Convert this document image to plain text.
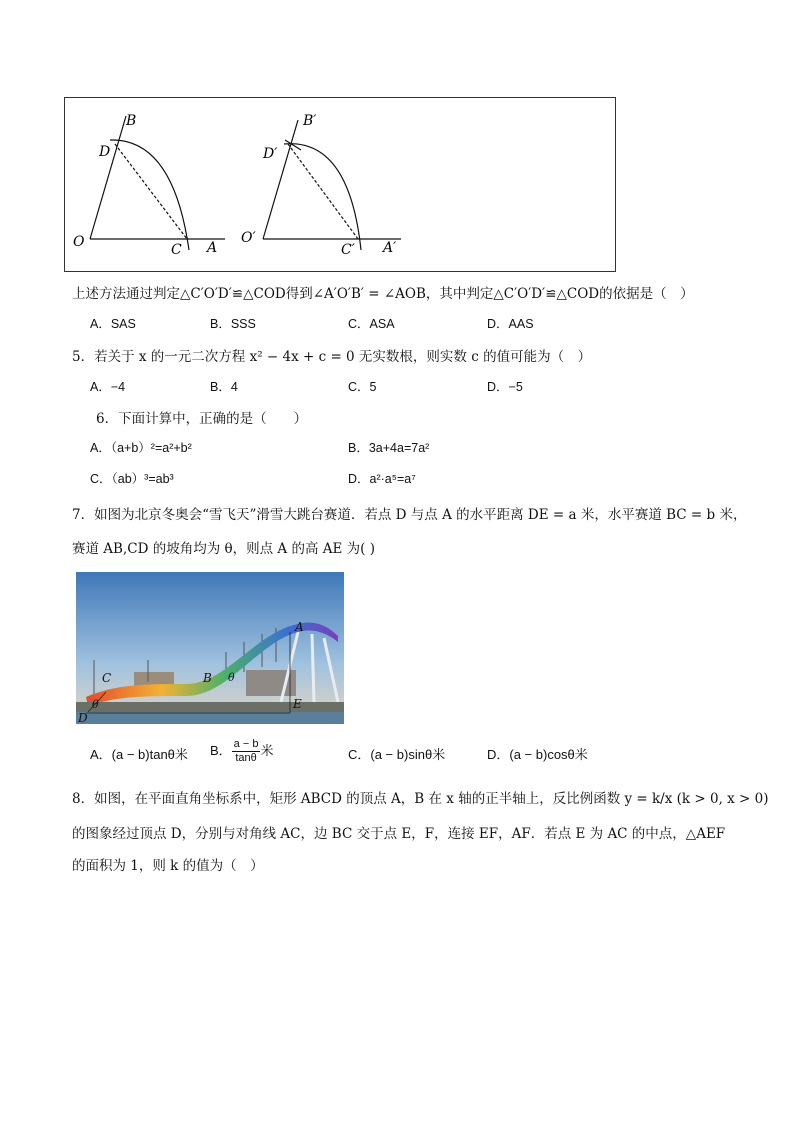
O
B
D
C A
O′
B′
D′
C′ A′
上述方法通过判定△C′O′D′≌△COD得到∠A′O′B′ = ∠AOB，其中判定△C′O′D′≌△COD的依据是（　）
A．SAS	B．SSS	C．ASA	D．AAS
5．若关于 x 的一元二次方程 x² − 4x + c = 0 无实数根，则实数 c 的值可能为（　）
A．−4	B．4	C．5	D．−5
6．下面计算中，正确的是（　　）
A．（a+b）²=a²+b²	B．3a+4a=7a²
C．（ab）³=ab³	D．a²·a⁵=a⁷
7．如图为北京冬奥会“雪飞天”滑雪大跳台赛道．若点 D 与点 A 的水平距离 DE = a 米，水平赛道 BC = b 米，
赛道 AB,CD 的坡角均为 θ，则点 A 的高 AE 为( )
A
B
C
D
E
θ
θ
A．(a − b)tanθ米 B． $\frac{a - b}{\tan\theta}$ 米	C．(a − b)sinθ米	D．(a − b)cosθ米
8．如图，在平面直角坐标系中，矩形 ABCD 的顶点 A，B 在 x 轴的正半轴上，反比例函数 y = k/x (k > 0, x > 0)
的图象经过顶点 D，分别与对角线 AC，边 BC 交于点 E，F，连接 EF，AF．若点 E 为 AC 的中点，△AEF
的面积为 1，则 k 的值为（　）
